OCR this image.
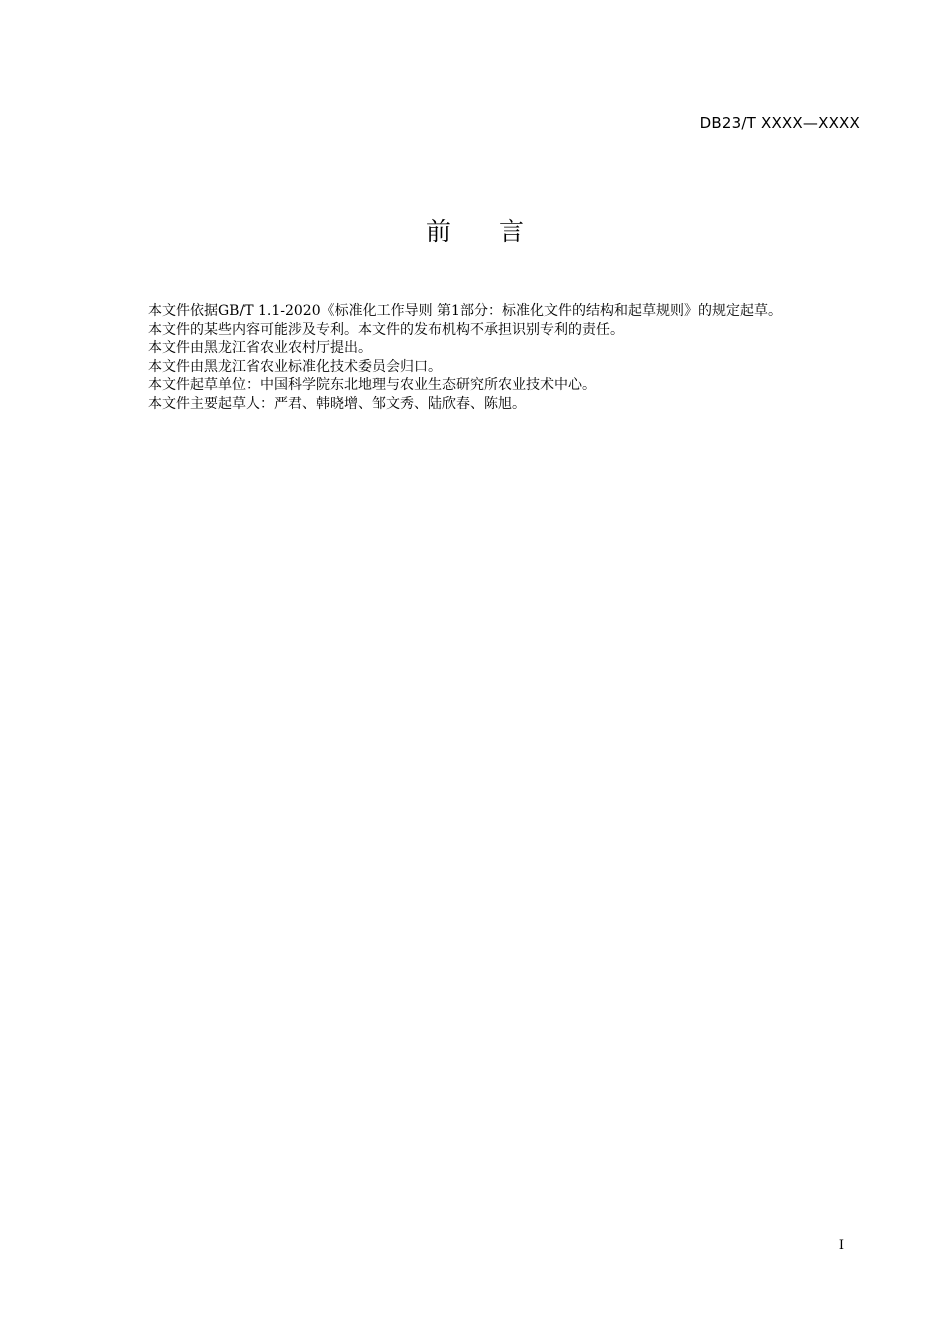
DB23/T XXXX—XXXX
前 言

本文件依据GB/T 1.1-2020《标准化工作导则 第1部分：标准化文件的结构和起草规则》的规定起草。

本文件的某些内容可能涉及专利。本文件的发布机构不承担识别专利的责任。

本文件由黑龙江省农业农村厅提出。

本文件由黑龙江省农业标准化技术委员会归口。

本文件起草单位：中国科学院东北地理与农业生态研究所农业技术中心。

本文件主要起草人：严君、韩晓增、邹文秀、陆欣春、陈旭。

I
